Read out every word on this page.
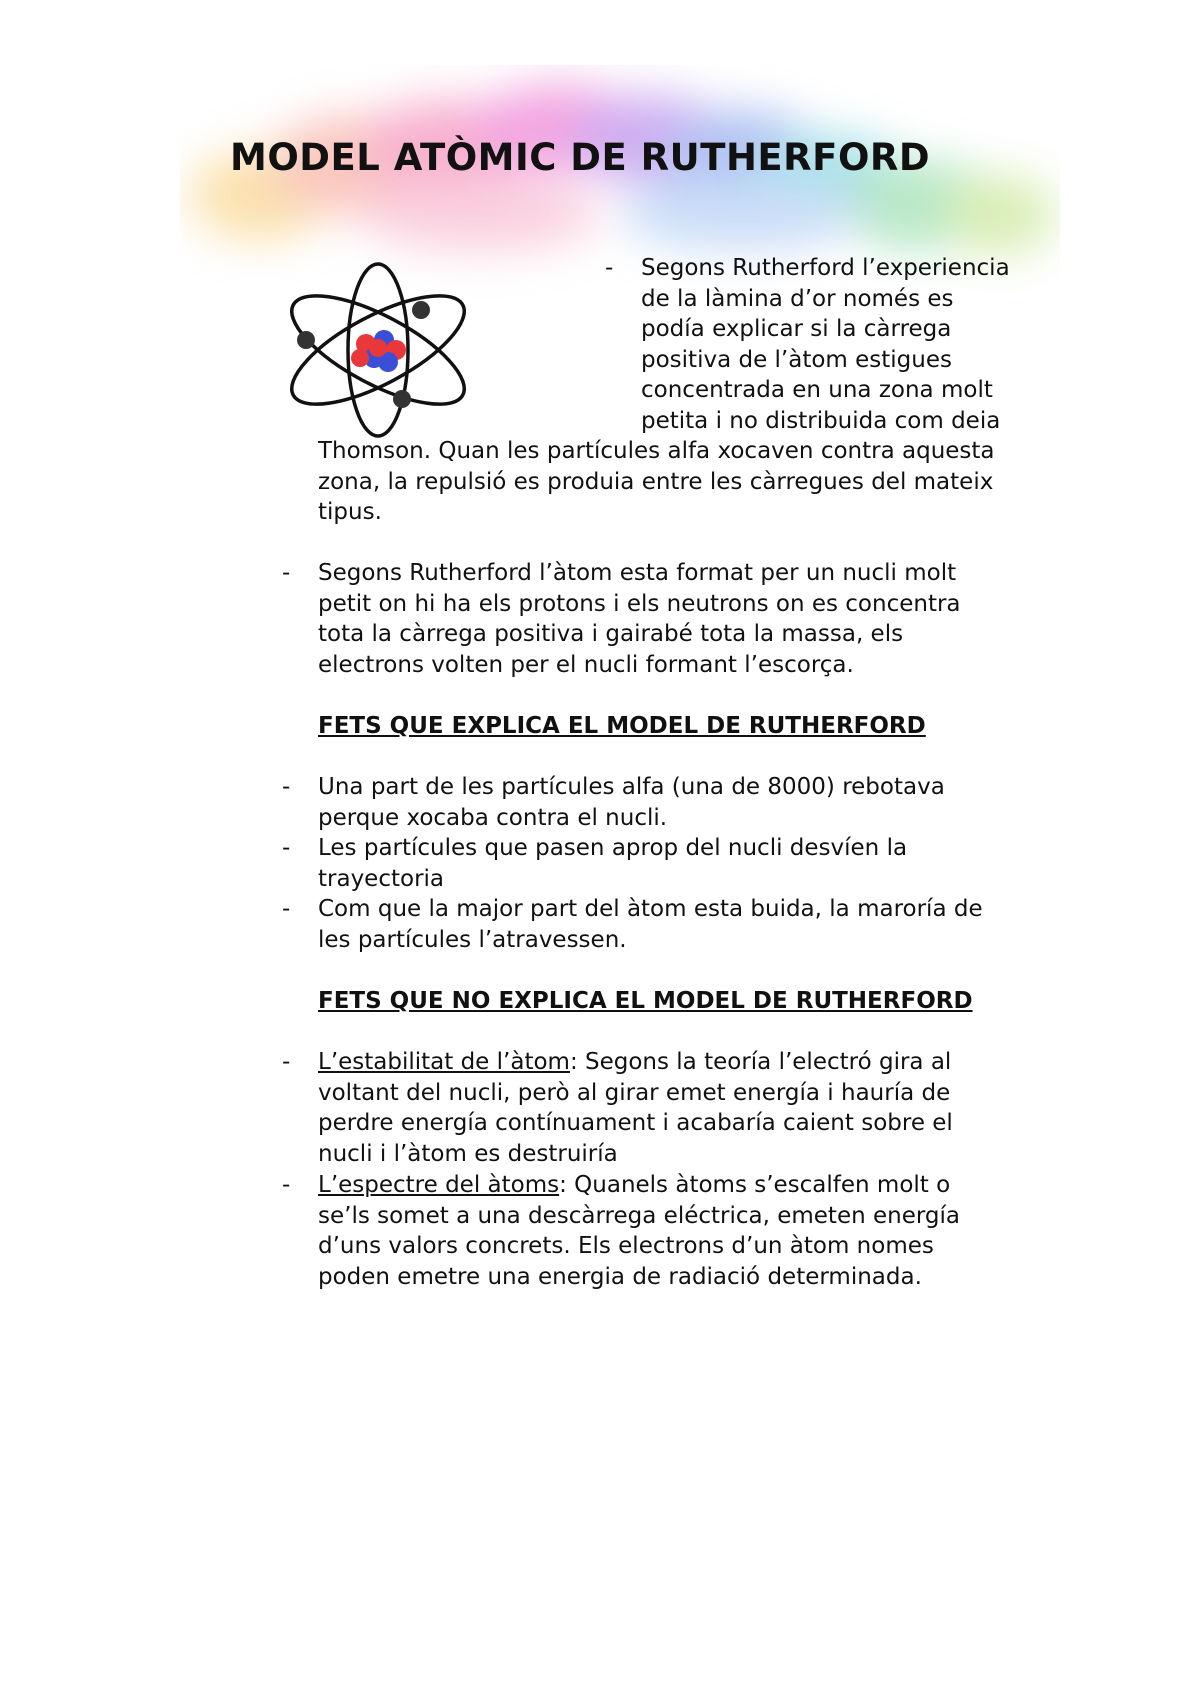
MODEL ATÒMIC DE RUTHERFORD
- Segons Rutherford l’experiencia
de la làmina d’or només es
podía explicar si la càrrega
positiva de l’àtom estigues
concentrada en una zona molt
petita i no distribuida com deia
Thomson. Quan les partícules alfa xocaven contra aquesta
zona, la repulsió es produia entre les càrregues del mateix
tipus.
- Segons Rutherford l’àtom esta format per un nucli molt
petit on hi ha els protons i els neutrons on es concentra
tota la càrrega positiva i gairabé tota la massa, els
electrons volten per el nucli formant l’escorça.
FETS QUE EXPLICA EL MODEL DE RUTHERFORD
- Una part de les partícules alfa (una de 8000) rebotava
perque xocaba contra el nucli.
- Les partícules que pasen aprop del nucli desvíen la
trayectoria
- Com que la major part del àtom esta buida, la maroría de
les partícules l’atravessen.
FETS QUE NO EXPLICA EL MODEL DE RUTHERFORD
- L’estabilitat de l’àtom: Segons la teoría l’electró gira al
voltant del nucli, però al girar emet energía i hauría de
perdre energía contínuament i acabaría caient sobre el
nucli i l’àtom es destruiría
- L’espectre del àtoms: Quanels àtoms s’escalfen molt o
se’ls somet a una descàrrega eléctrica, emeten energía
d’uns valors concrets. Els electrons d’un àtom nomes
poden emetre una energia de radiació determinada.
